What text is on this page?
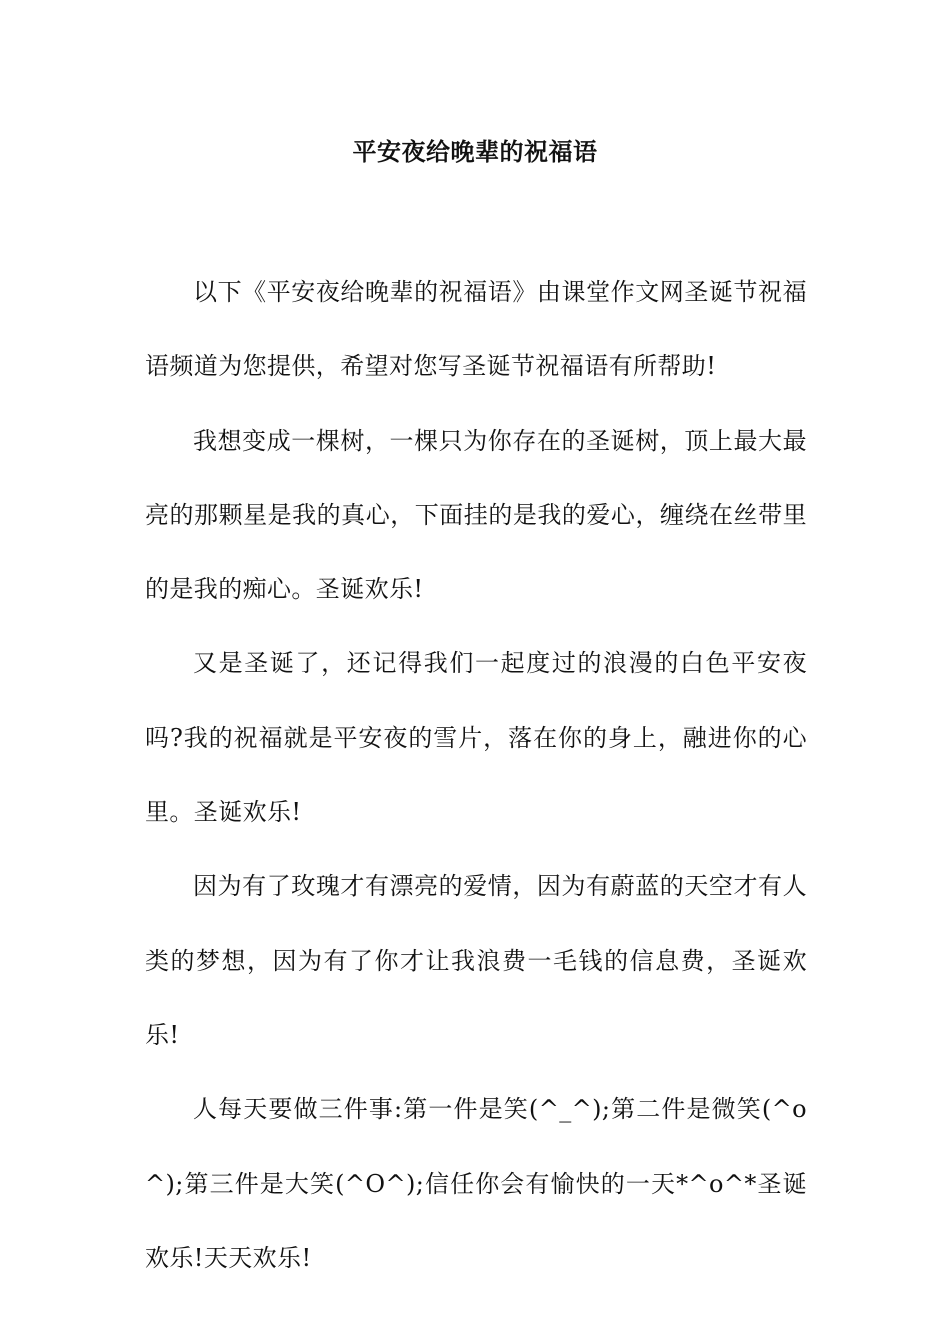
平安夜给晚辈的祝福语

以下《平安夜给晚辈的祝福语》由课堂作文网圣诞节祝福语频道为您提供，希望对您写圣诞节祝福语有所帮助!

我想变成一棵树，一棵只为你存在的圣诞树，顶上最大最亮的那颗星是我的真心，下面挂的是我的爱心，缠绕在丝带里的是我的痴心。圣诞欢乐!

又是圣诞了，还记得我们一起度过的浪漫的白色平安夜吗?我的祝福就是平安夜的雪片，落在你的身上，融进你的心里。圣诞欢乐!

因为有了玫瑰才有漂亮的爱情，因为有蔚蓝的天空才有人类的梦想，因为有了你才让我浪费一毛钱的信息费，圣诞欢乐!

人每天要做三件事:第一件是笑(^_^);第二件是微笑(^o^);第三件是大笑(^O^);信任你会有愉快的一天*^o^*圣诞欢乐!天天欢乐!
